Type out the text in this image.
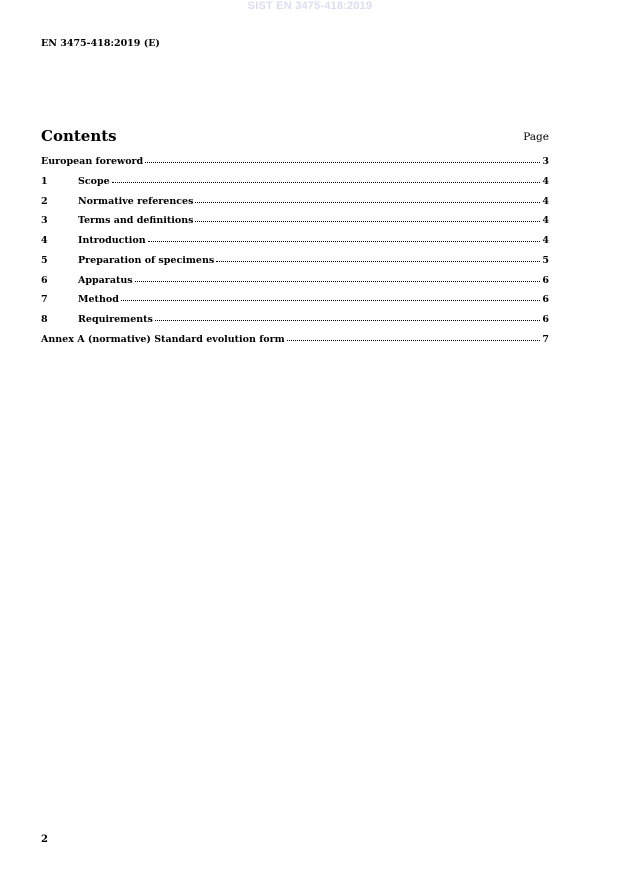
SIST EN 3475-418:2019
EN 3475-418:2019 (E)
Contents	Page
European foreword	3
1	Scope	4
2	Normative references	4
3	Terms and definitions	4
4	Introduction	4
5	Preparation of specimens	5
6	Apparatus	6
7	Method	6
8	Requirements	6
Annex A (normative) Standard evolution form	7
2
